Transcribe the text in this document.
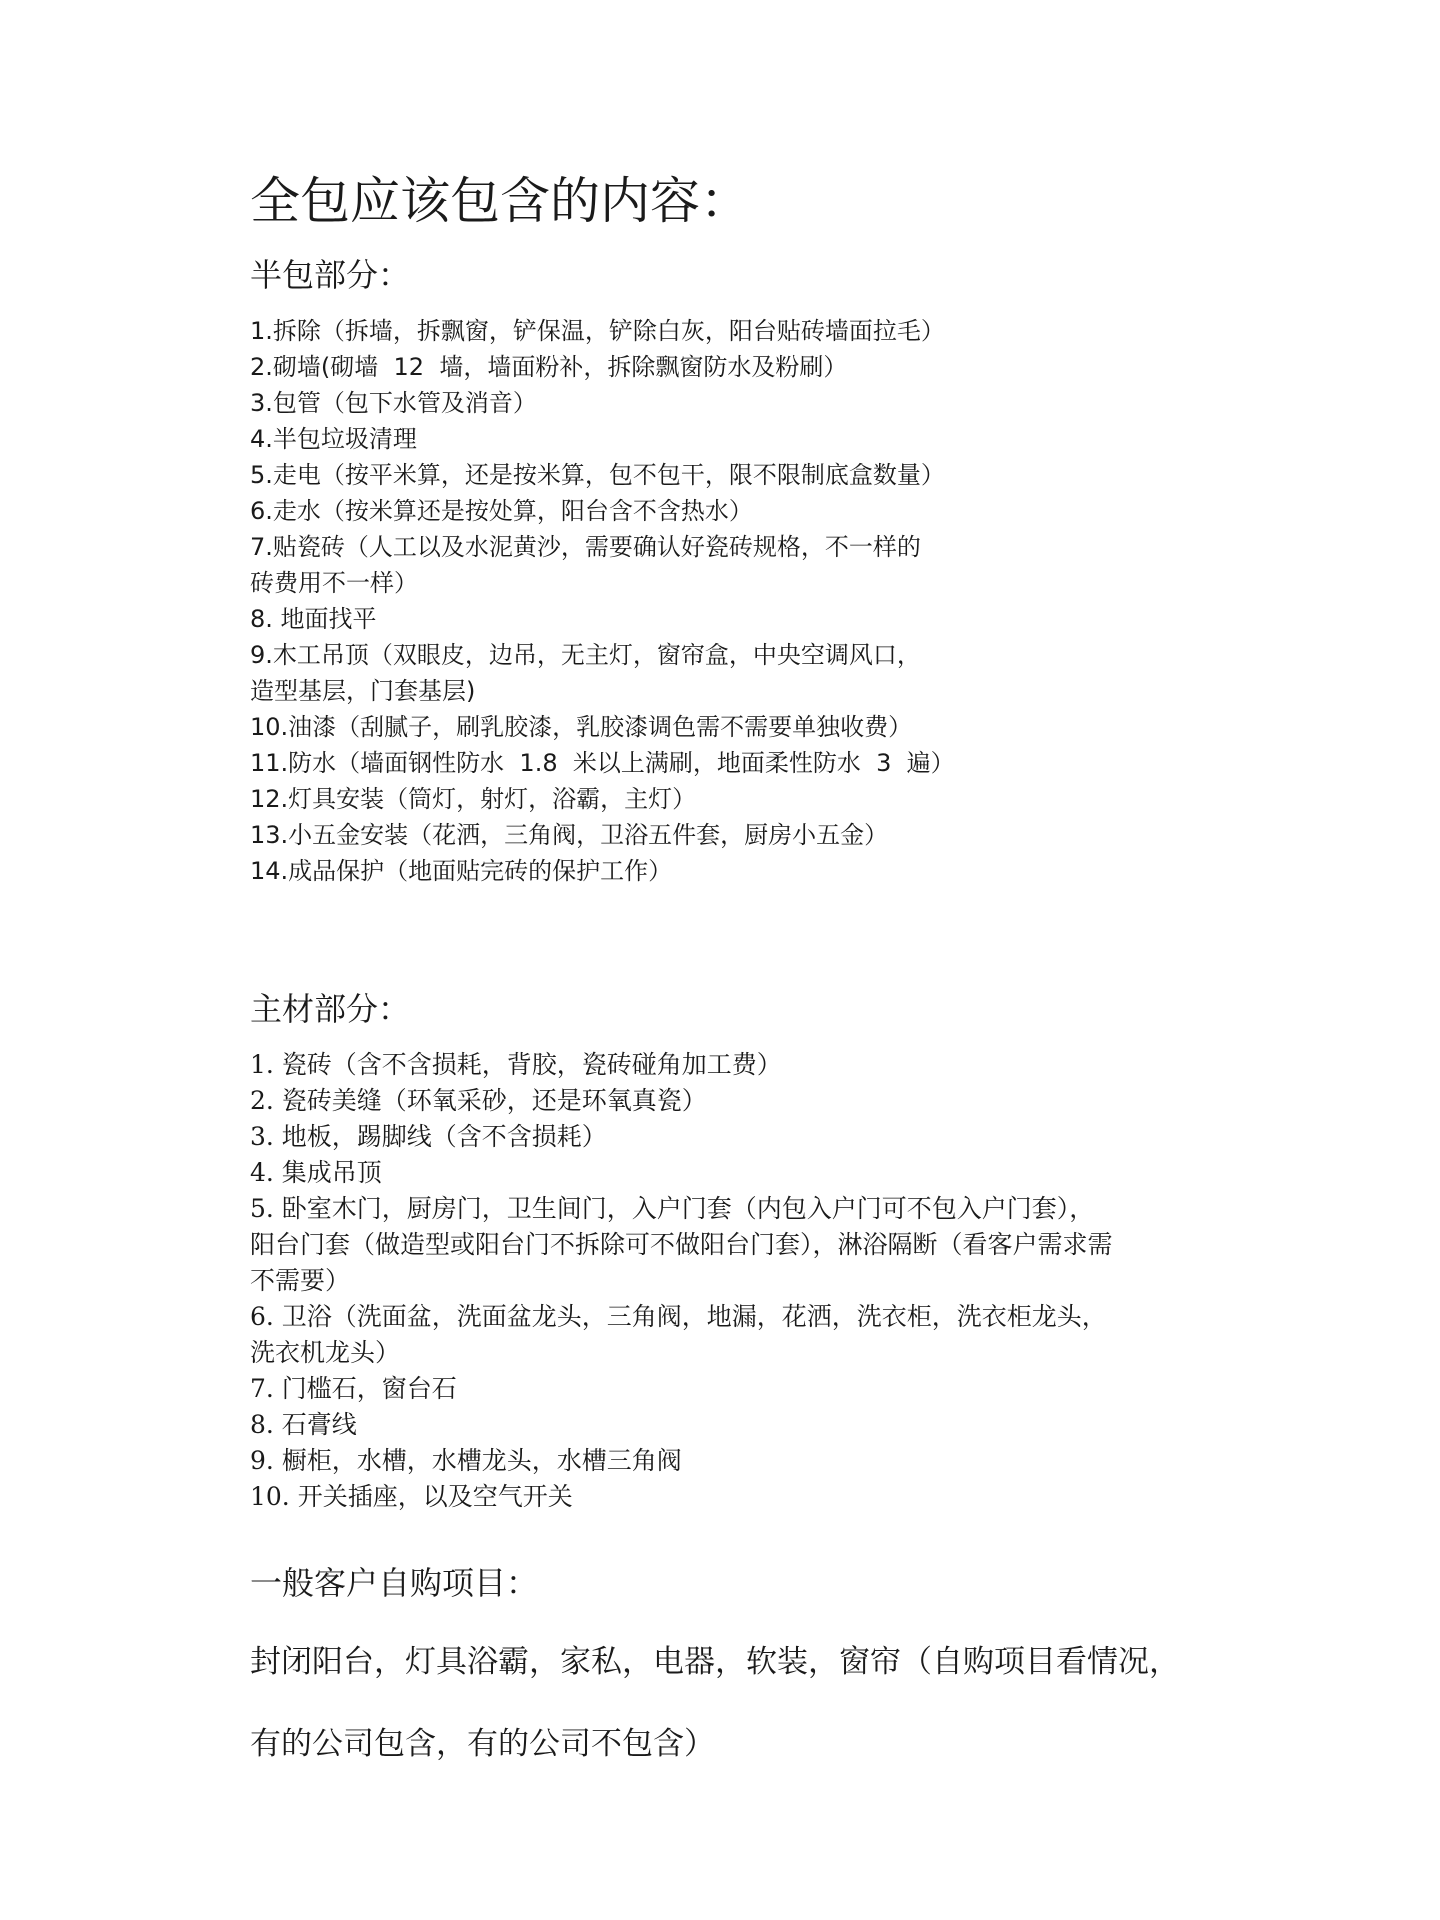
全包应该包含的内容：
半包部分：
1.拆除（拆墙，拆飘窗，铲保温，铲除白灰，阳台贴砖墙面拉毛）
2.砌墙(砌墙  12  墙，墙面粉补，拆除飘窗防水及粉刷）
3.包管（包下水管及消音）
4.半包垃圾清理
5.走电（按平米算，还是按米算，包不包干，限不限制底盒数量）
6.走水（按米算还是按处算，阳台含不含热水）
7.贴瓷砖（人工以及水泥黄沙，需要确认好瓷砖规格，不一样的
砖费用不一样）
8. 地面找平
9.木工吊顶（双眼皮，边吊，无主灯，窗帘盒，中央空调风口，
造型基层，门套基层)
10.油漆（刮腻子，刷乳胶漆，乳胶漆调色需不需要单独收费）
11.防水（墙面钢性防水  1.8  米以上满刷，地面柔性防水  3  遍）
12.灯具安装（筒灯，射灯，浴霸，主灯）
13.小五金安装（花洒，三角阀，卫浴五件套，厨房小五金）
14.成品保护（地面贴完砖的保护工作）
主材部分：
1. 瓷砖（含不含损耗，背胶，瓷砖碰角加工费）
2. 瓷砖美缝（环氧采砂，还是环氧真瓷）
3. 地板，踢脚线（含不含损耗）
4. 集成吊顶
5. 卧室木门，厨房门，卫生间门，入户门套（内包入户门可不包入户门套），
阳台门套（做造型或阳台门不拆除可不做阳台门套），淋浴隔断（看客户需求需
不需要）
6. 卫浴（洗面盆，洗面盆龙头，三角阀，地漏，花洒，洗衣柜，洗衣柜龙头，
洗衣机龙头）
7. 门槛石，窗台石
8. 石膏线
9. 橱柜，水槽，水槽龙头，水槽三角阀
10. 开关插座，以及空气开关
一般客户自购项目：

封闭阳台，灯具浴霸，家私，电器，软装，窗帘（自购项目看情况，

有的公司包含，有的公司不包含）
